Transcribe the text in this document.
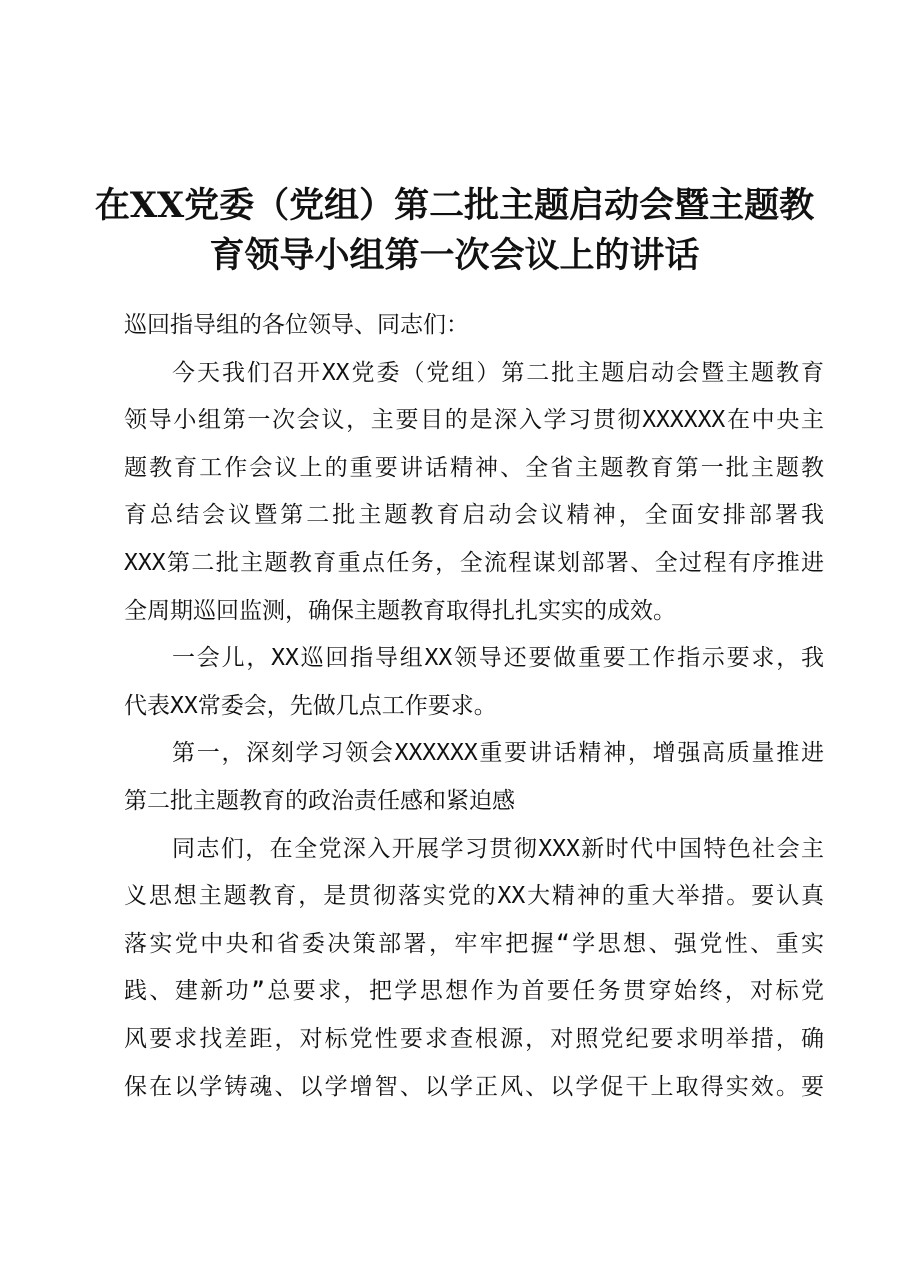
在XX党委（党组）第二批主题启动会暨主题教
育领导小组第一次会议上的讲话
巡回指导组的各位领导、同志们：
今天我们召开XX党委（党组）第二批主题启动会暨主题教育
领导小组第一次会议，主要目的是深入学习贯彻XXXXXX在中央主
题教育工作会议上的重要讲话精神、全省主题教育第一批主题教
育总结会议暨第二批主题教育启动会议精神，全面安排部署我
XXX第二批主题教育重点任务，全流程谋划部署、全过程有序推进
全周期巡回监测，确保主题教育取得扎扎实实的成效。
一会儿，XX巡回指导组XX领导还要做重要工作指示要求，我
代表XX常委会，先做几点工作要求。
第一，深刻学习领会XXXXXX重要讲话精神，增强高质量推进
第二批主题教育的政治责任感和紧迫感
同志们，在全党深入开展学习贯彻XXX新时代中国特色社会主
义思想主题教育，是贯彻落实党的XX大精神的重大举措。要认真
落实党中央和省委决策部署，牢牢把握“学思想、强党性、重实
践、建新功”总要求，把学思想作为首要任务贯穿始终，对标党
风要求找差距，对标党性要求查根源，对照党纪要求明举措，确
保在以学铸魂、以学增智、以学正风、以学促干上取得实效。要
